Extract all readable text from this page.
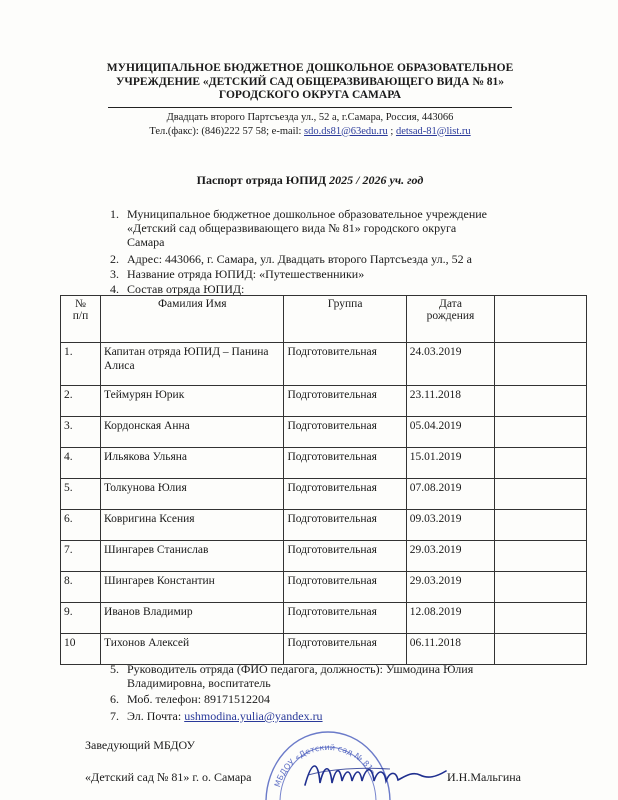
МУНИЦИПАЛЬНОЕ БЮДЖЕТНОЕ ДОШКОЛЬНОЕ ОБРАЗОВАТЕЛЬНОЕ
УЧРЕЖДЕНИЕ «ДЕТСКИЙ САД ОБЩЕРАЗВИВАЮЩЕГО ВИДА № 81»
ГОРОДСКОГО ОКРУГА САМАРА
Двадцать второго Партсъезда ул., 52 а, г.Самара, Россия, 443066
Тел.(факс): (846)222 57 58; e-mail: sdo.ds81@63edu.ru ; detsad-81@list.ru
Паспорт отряда ЮПИД 2025 / 2026 уч. год
1. Муниципальное бюджетное дошкольное образовательное учреждение
«Детский сад общеразвивающего вида № 81» городского округа
Самара
2. Адрес: 443066, г. Самара, ул. Двадцать второго Партсъезда ул., 52 а
3. Название отряда ЮПИД: «Путешественники»
4. Состав отряда ЮПИД:
№
п/п	Фамилия Имя	Группа	Дата
рождения	
1.	Капитан отряда ЮПИД – Панина Алиса	Подготовительная	24.03.2019	
2.	Теймурян Юрик	Подготовительная	23.11.2018	
3.	Кордонская Анна	Подготовительная	05.04.2019	
4.	Ильякова Ульяна	Подготовительная	15.01.2019	
5.	Толкунова Юлия	Подготовительная	07.08.2019	
6.	Ковригина Ксения	Подготовительная	09.03.2019	
7.	Шингарев Станислав	Подготовительная	29.03.2019	
8.	Шингарев Константин	Подготовительная	29.03.2019	
9.	Иванов Владимир	Подготовительная	12.08.2019	
10	Тихонов Алексей	Подготовительная	06.11.2018	
5. Руководитель отряда (ФИО педагога, должность): Ушмодина Юлия
Владимировна, воспитатель
6. Моб. телефон: 89171512204
7. Эл. Почта: ushmodina.yulia@yandex.ru
МБДОУ «Детский сад № 81»
Заведующий МБДОУ
«Детский сад № 81» г. о. Самара	И.Н.Мальгина
